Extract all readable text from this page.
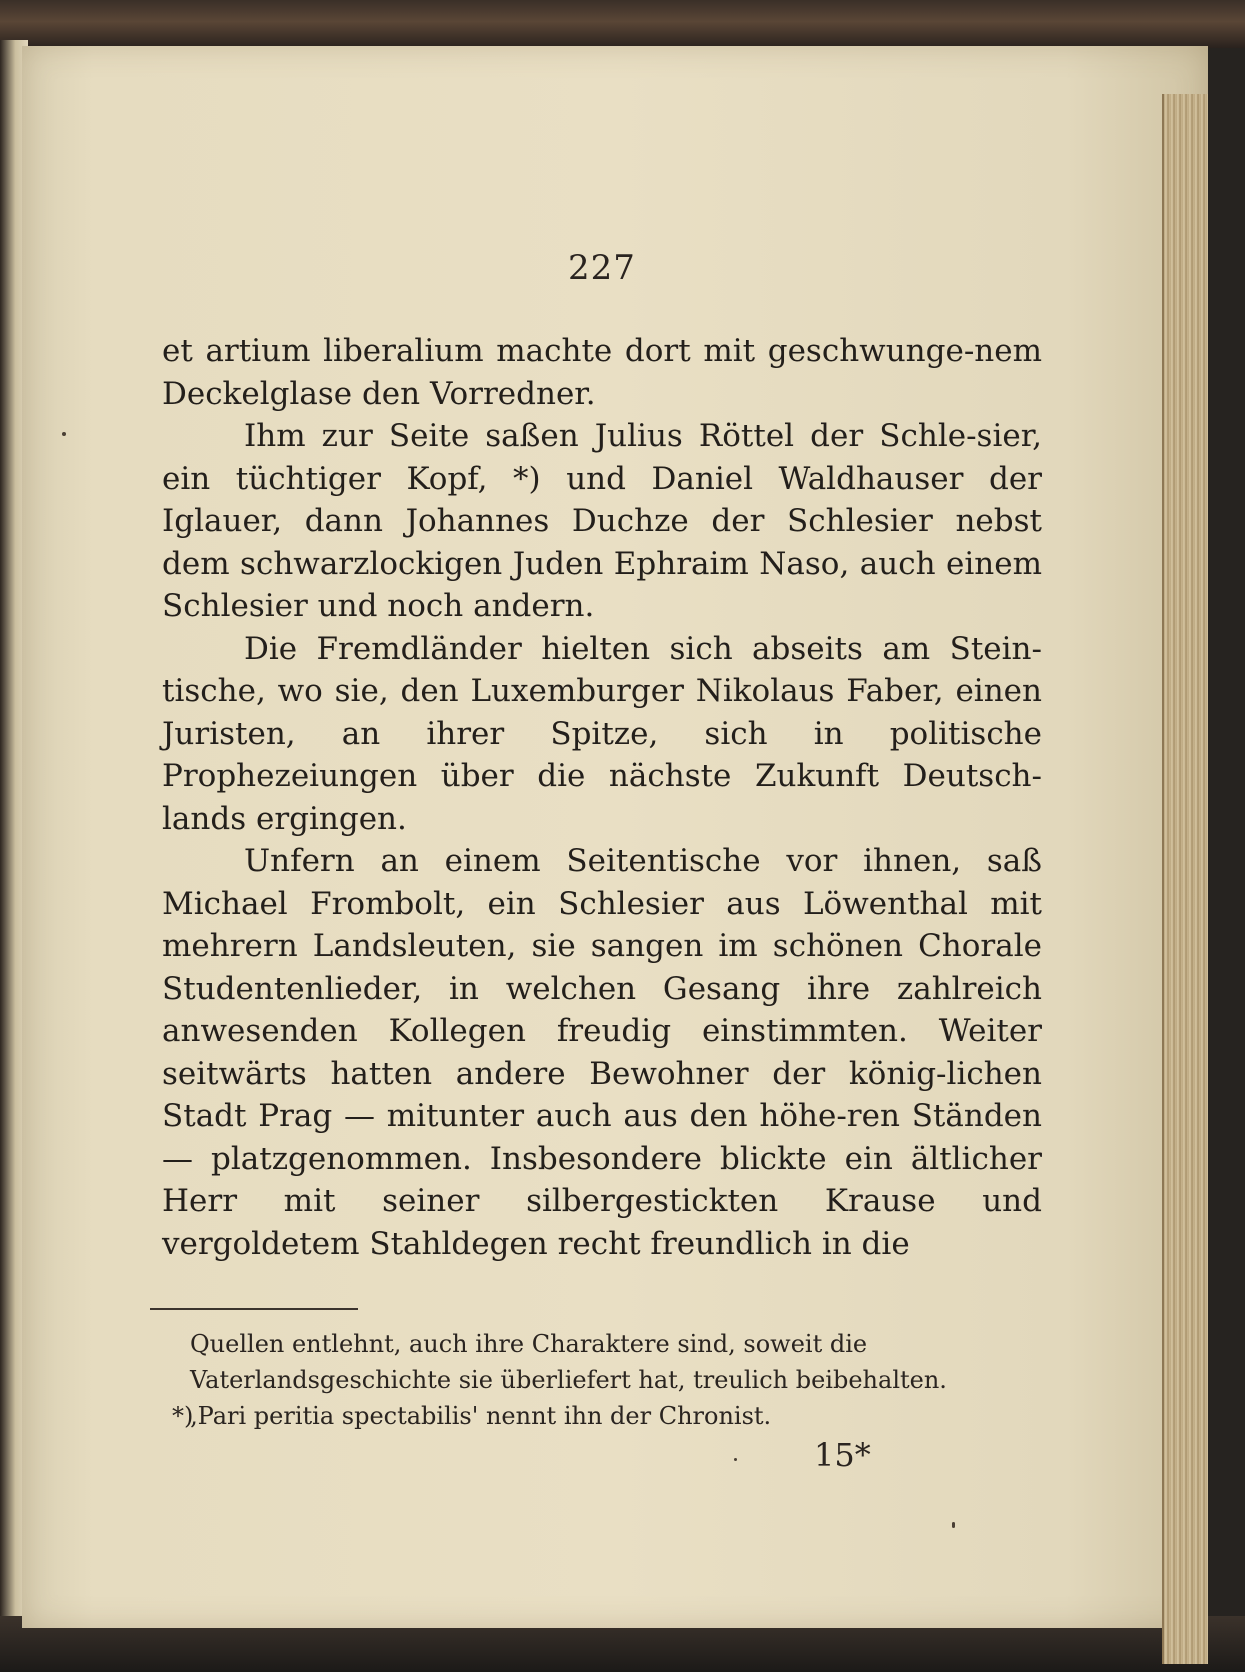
227

et artium liberalium machte dort mit geschwunge-nem Deckelglase den Vorredner.

Ihm zur Seite saßen Julius Röttel der Schle-sier, ein tüchtiger Kopf, *) und Daniel Waldhauser der Iglauer, dann Johannes Duchze der Schlesier nebst dem schwarzlockigen Juden Ephraim Naso, auch einem Schlesier und noch andern.

Die Fremdländer hielten sich abseits am Stein-tische, wo sie, den Luxemburger Nikolaus Faber, einen Juristen, an ihrer Spitze, sich in politische Prophezeiungen über die nächste Zukunft Deutsch-lands ergingen.

Unfern an einem Seitentische vor ihnen, saß Michael Frombolt, ein Schlesier aus Löwenthal mit mehrern Landsleuten, sie sangen im schönen Chorale Studentenlieder, in welchen Gesang ihre zahlreich anwesenden Kollegen freudig einstimmten. Weiter seitwärts hatten andere Bewohner der könig-lichen Stadt Prag — mitunter auch aus den höhe-ren Ständen — platzgenommen. Insbesondere blickte ein ältlicher Herr mit seiner silbergestickten Krause und vergoldetem Stahldegen recht freundlich in die

Quellen entlehnt, auch ihre Charaktere sind, soweit die Vaterlandsgeschichte sie überliefert hat, treulich beibehalten.

*)
‚Pari peritia spectabilis' nennt ihn der Chronist.

15*
